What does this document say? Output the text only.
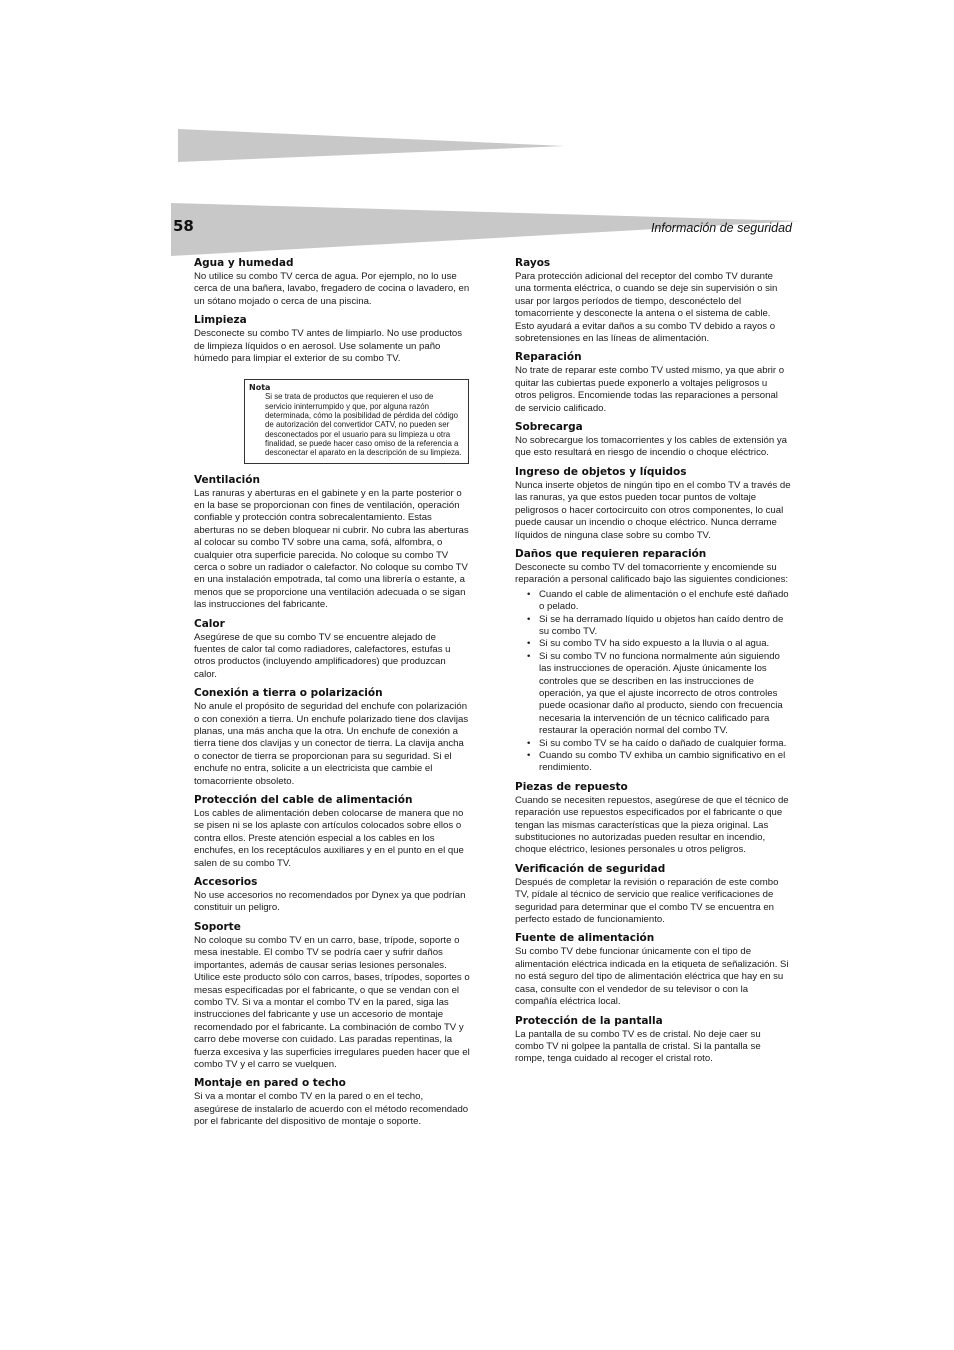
58	Información de seguridad
Agua y humedad

No utilice su combo TV cerca de agua. Por ejemplo, no lo use cerca de una bañera, lavabo, fregadero de cocina o lavadero, en un sótano mojado o cerca de una piscina.

Limpieza

Desconecte su combo TV antes de limpiarlo. No use productos de limpieza líquidos o en aerosol. Use solamente un paño húmedo para limpiar el exterior de su combo TV.

Nota

Si se trata de productos que requieren el uso de servicio ininterrumpido y que, por alguna razón determinada, cómo la posibilidad de pérdida del código de autorización del convertidor CATV, no pueden ser desconectados por el usuario para su limpieza u otra finalidad, se puede hacer caso omiso de la referencia a desconectar el aparato en la descripción de su limpieza.

Ventilación

Las ranuras y aberturas en el gabinete y en la parte posterior o en la base se proporcionan con fines de ventilación, operación confiable y protección contra sobrecalentamiento. Estas aberturas no se deben bloquear ni cubrir. No cubra las aberturas al colocar su combo TV sobre una cama, sofá, alfombra, o cualquier otra superficie parecida. No coloque su combo TV cerca o sobre un radiador o calefactor. No coloque su combo TV en una instalación empotrada, tal como una librería o estante, a menos que se proporcione una ventilación adecuada o se sigan las instrucciones del fabricante.

Calor

Asegúrese de que su combo TV se encuentre alejado de fuentes de calor tal como radiadores, calefactores, estufas u otros productos (incluyendo amplificadores) que produzcan calor.

Conexión a tierra o polarización

No anule el propósito de seguridad del enchufe con polarización o con conexión a tierra. Un enchufe polarizado tiene dos clavijas planas, una más ancha que la otra. Un enchufe de conexión a tierra tiene dos clavijas y un conector de tierra. La clavija ancha o conector de tierra se proporcionan para su seguridad. Si el enchufe no entra, solicite a un electricista que cambie el tomacorriente obsoleto.

Protección del cable de alimentación

Los cables de alimentación deben colocarse de manera que no se pisen ni se los aplaste con artículos colocados sobre ellos o contra ellos. Preste atención especial a los cables en los enchufes, en los receptáculos auxiliares y en el punto en el que salen de su combo TV.

Accesorios

No use accesorios no recomendados por Dynex ya que podrían constituir un peligro.

Soporte

No coloque su combo TV en un carro, base, trípode, soporte o mesa inestable. El combo TV se podría caer y sufrir daños importantes, además de causar serias lesiones personales. Utilice este producto sólo con carros, bases, trípodes, soportes o mesas especificadas por el fabricante, o que se vendan con el combo TV. Si va a montar el combo TV en la pared, siga las instrucciones del fabricante y use un accesorio de montaje recomendado por el fabricante. La combinación de combo TV y carro debe moverse con cuidado. Las paradas repentinas, la fuerza excesiva y las superficies irregulares pueden hacer que el combo TV y el carro se vuelquen.

Montaje en pared o techo

Si va a montar el combo TV en la pared o en el techo, asegúrese de instalarlo de acuerdo con el método recomendado por el fabricante del dispositivo de montaje o soporte.

Rayos

Para protección adicional del receptor del combo TV durante una tormenta eléctrica, o cuando se deje sin supervisión o sin usar por largos períodos de tiempo, desconéctelo del tomacorriente y desconecte la antena o el sistema de cable. Esto ayudará a evitar daños a su combo TV debido a rayos o sobretensiones en las líneas de alimentación.

Reparación

No trate de reparar este combo TV usted mismo, ya que abrir o quitar las cubiertas puede exponerlo a voltajes peligrosos u otros peligros. Encomiende todas las reparaciones a personal de servicio calificado.

Sobrecarga

No sobrecargue los tomacorrientes y los cables de extensión ya que esto resultará en riesgo de incendio o choque eléctrico.

Ingreso de objetos y líquidos

Nunca inserte objetos de ningún tipo en el combo TV a través de las ranuras, ya que estos pueden tocar puntos de voltaje peligrosos o hacer cortocircuito con otros componentes, lo cual puede causar un incendio o choque eléctrico. Nunca derrame líquidos de ninguna clase sobre su combo TV.

Daños que requieren reparación

Desconecte su combo TV del tomacorriente y encomiende su reparación a personal calificado bajo las siguientes condiciones:

• Cuando el cable de alimentación o el enchufe esté dañado o pelado.
• Si se ha derramado líquido u objetos han caído dentro de su combo TV.
• Si su combo TV ha sido expuesto a la lluvia o al agua.
• Si su combo TV no funciona normalmente aún siguiendo las instrucciones de operación. Ajuste únicamente los controles que se describen en las instrucciones de operación, ya que el ajuste incorrecto de otros controles puede ocasionar daño al producto, siendo con frecuencia necesaria la intervención de un técnico calificado para restaurar la operación normal del combo TV.
• Si su combo TV se ha caído o dañado de cualquier forma.
• Cuando su combo TV exhiba un cambio significativo en el rendimiento.
Piezas de repuesto

Cuando se necesiten repuestos, asegúrese de que el técnico de reparación use repuestos especificados por el fabricante o que tengan las mismas características que la pieza original. Las substituciones no autorizadas pueden resultar en incendio, choque eléctrico, lesiones personales u otros peligros.

Verificación de seguridad

Después de completar la revisión o reparación de este combo TV, pídale al técnico de servicio que realice verificaciones de seguridad para determinar que el combo TV se encuentra en perfecto estado de funcionamiento.

Fuente de alimentación

Su combo TV debe funcionar únicamente con el tipo de alimentación eléctrica indicada en la etiqueta de señalización. Si no está seguro del tipo de alimentación eléctrica que hay en su casa, consulte con el vendedor de su televisor o con la compañía eléctrica local.

Protección de la pantalla

La pantalla de su combo TV es de cristal. No deje caer su combo TV ni golpee la pantalla de cristal. Si la pantalla se rompe, tenga cuidado al recoger el cristal roto.
